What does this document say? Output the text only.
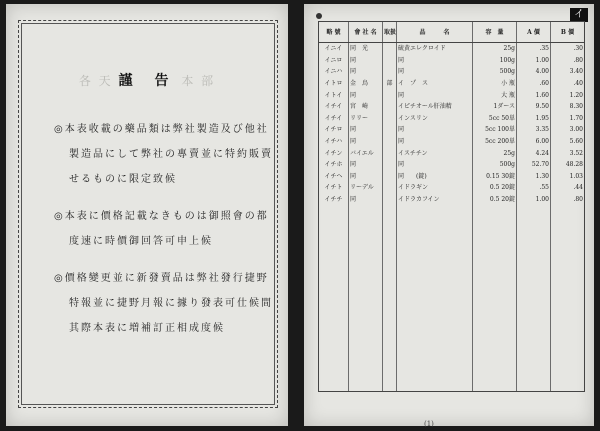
各 天 謹　告 本 部
◎本表收載の藥品類は弊社製造及び他社
製造品にして弊社の專賣並に特約販賣
せるものに限定致候
◎本表に價格記載なきものは御照會の都
度速に時價御回答可申上候
◎價格變更並に新發賣品は弊社發行捷野
特報並に捷野月報に據り發表可仕候間
其際本表に増補訂正相成度候
イ
略 號	會 社 名	取扱	品　　　名	容　量	A 價	B 價
イニイ	同　光		硫黄エレクロイド	25g	.35	.30
イニロ	同		同	100g	1.00	.80
イニハ	同		同	500g	4.00	3.40
イトロ	金　鳥	部	イ　プ　ス	小 瓶	.60	.40
イトイ	同		同	大 瓶	1.60	1.20
イチイ	宮　崎		イピチオール肝油精	1ダース	9.50	8.30
イチイ	リリー		インスリン	5cc 50単	1.95	1.70
イチロ	同		同	5cc 100単	3.35	3.00
イチハ	同		同	5cc 200単	6.00	5.60
イチン	バイエル		イスチチン	25g	4.24	3.52
イチホ	同		同	500g	52.70	48.28
イチヘ	同		同　　(錠)	0.15 30錠	1.30	1.03
イチト	リーデル		イドラギン	0.5 20錠	.55	.44
イチチ	同		イドラカフイン	0.5 20錠	1.00	.80

(1)
